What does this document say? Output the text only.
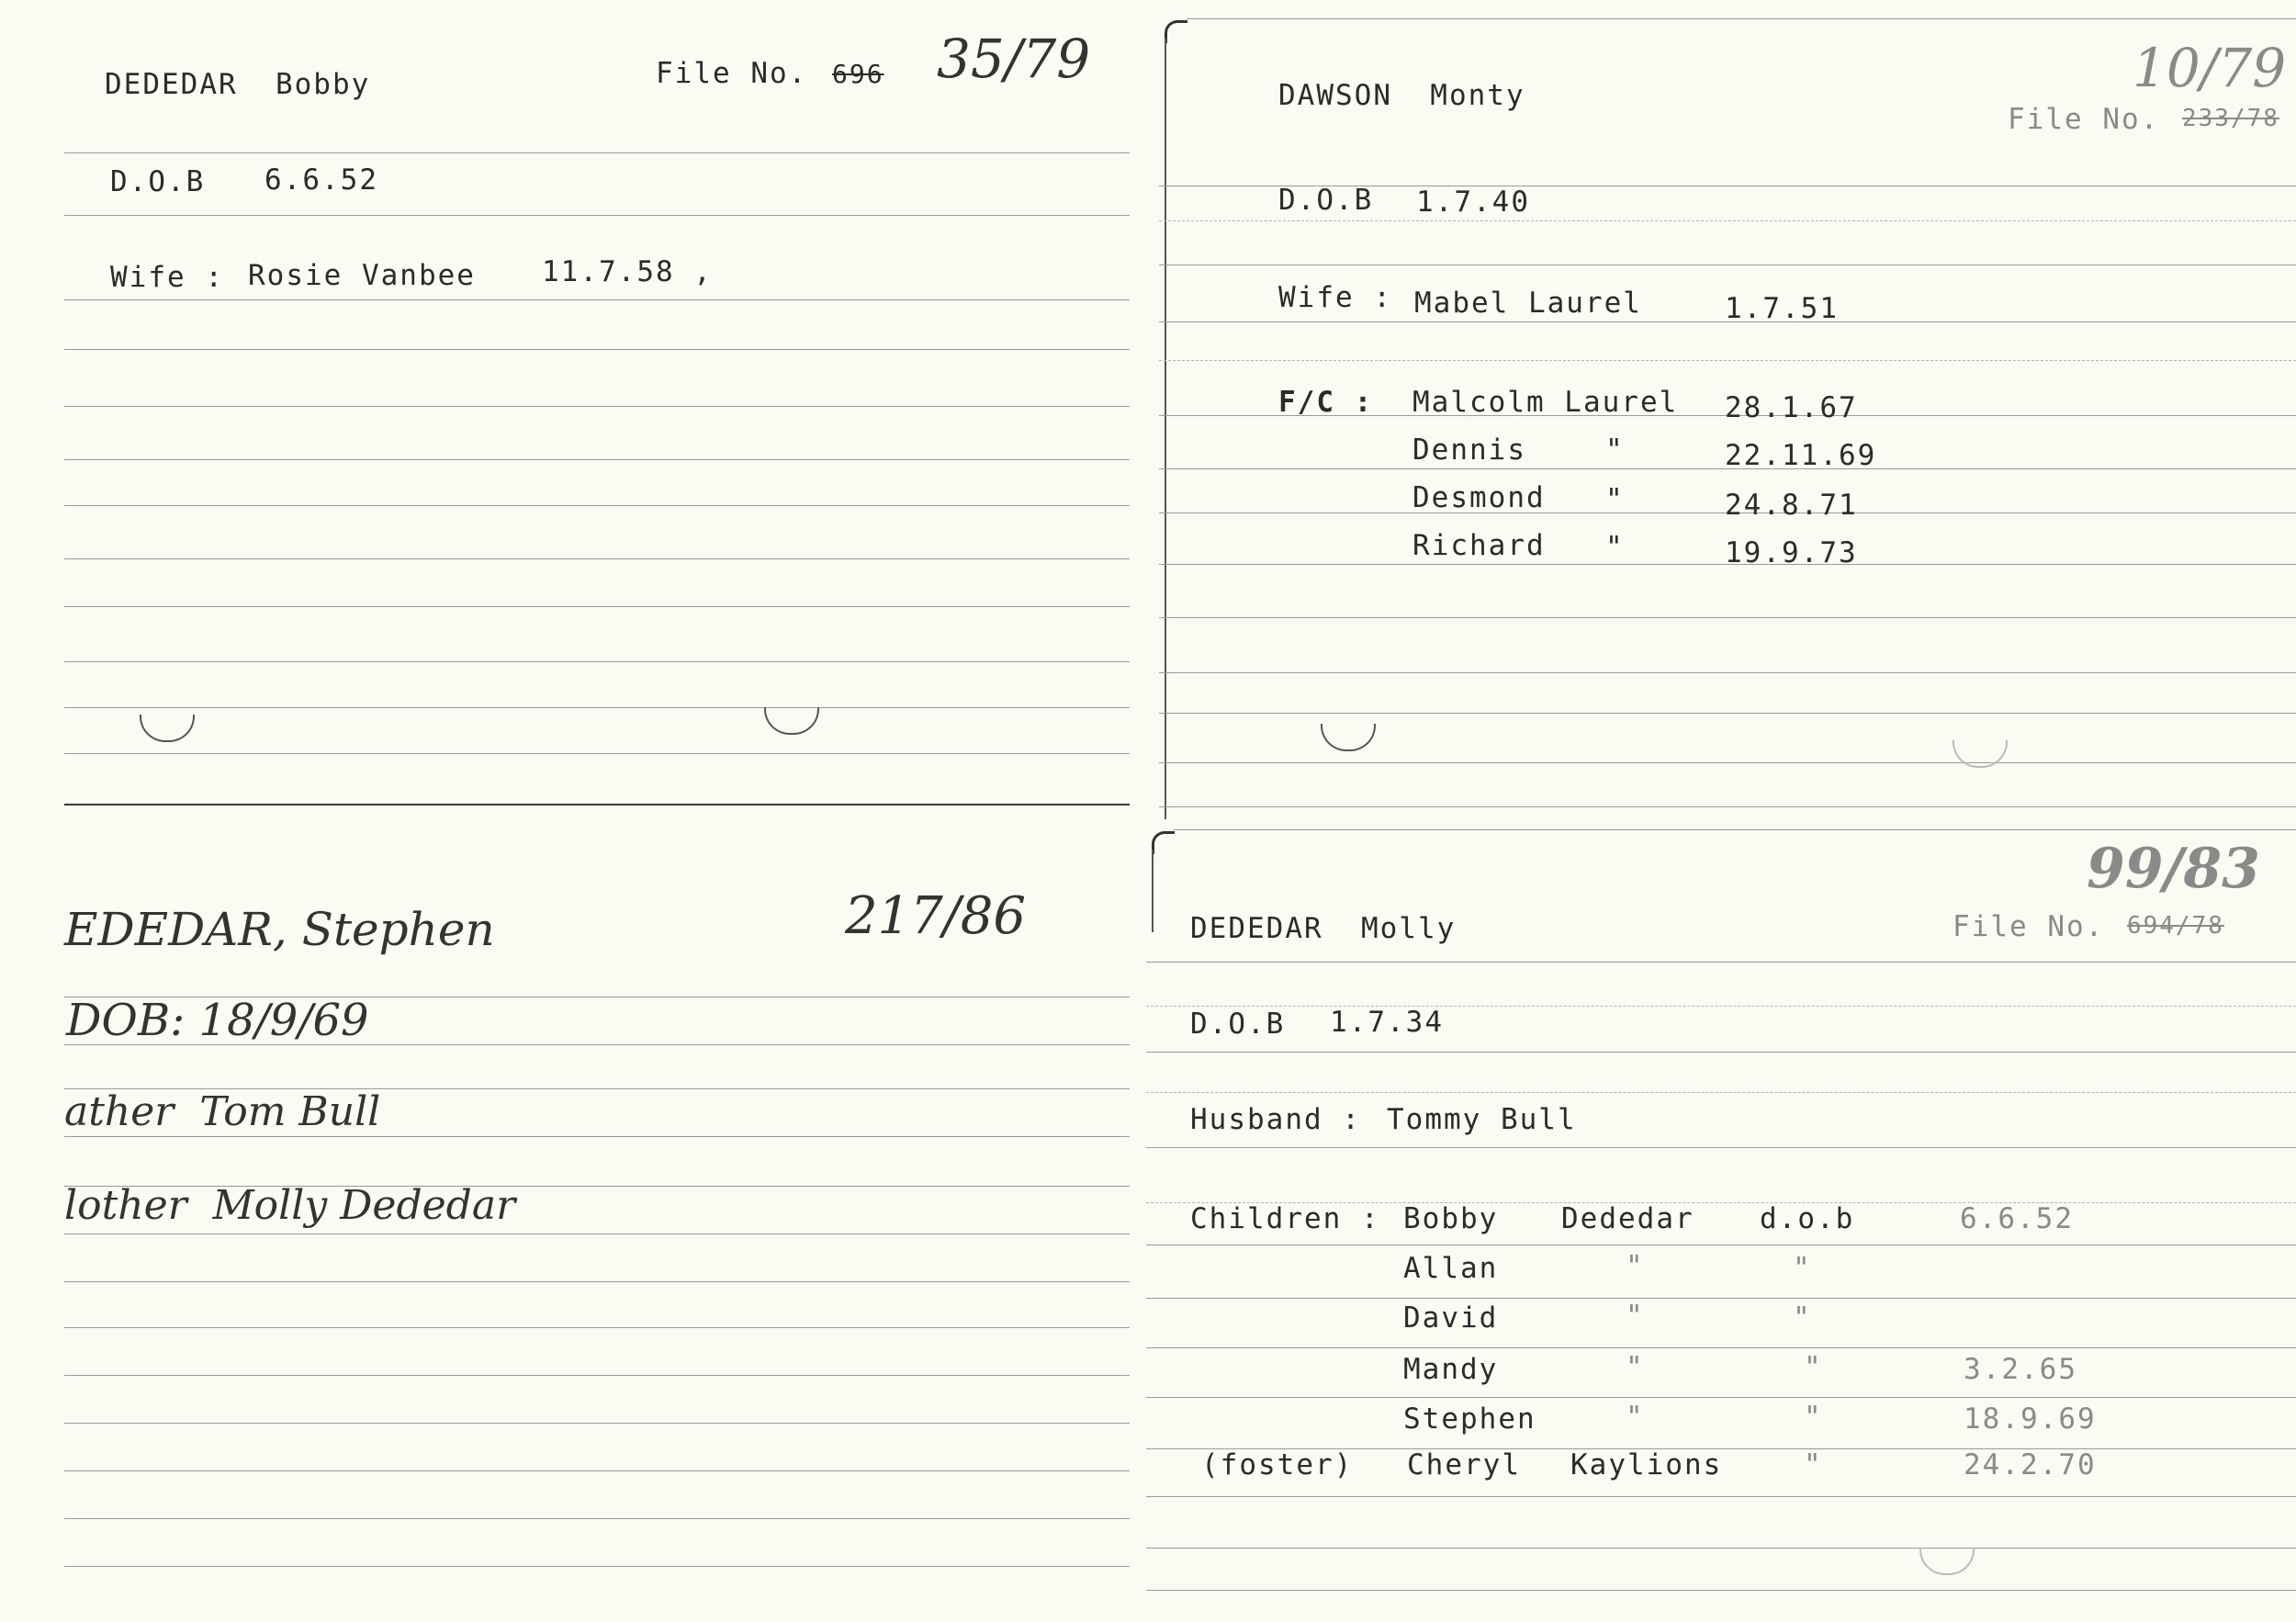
DEDEDAR  Bobby	File No. 696 35/79
D.O.B 6.6.52
Wife : Rosie Vanbee 11.7.58 ,
DAWSON  Monty
File No. 233/78
10/79
D.O.B 1.7.40
Wife : Mabel Laurel	1.7.51
F/C : Malcolm Laurel 28.1.67
Dennis	"	22.11.69
Desmond "	24.8.71
Richard "	19.9.73
EDEDAR, Stephen	217/86
DOB: 18/9/69
ather  Tom Bull
lother  Molly Dededar
DEDEDAR  Molly	File No. 694/78
99/83
D.O.B 1.7.34
Husband : Tommy Bull
Children : Bobby Dededar d.o.b	6.6.52
Allan	"	"
David	"	"
Mandy	"	"	3.2.65
Stephen	"	"	18.9.69
(foster) Cheryl Kaylions	"	24.2.70
